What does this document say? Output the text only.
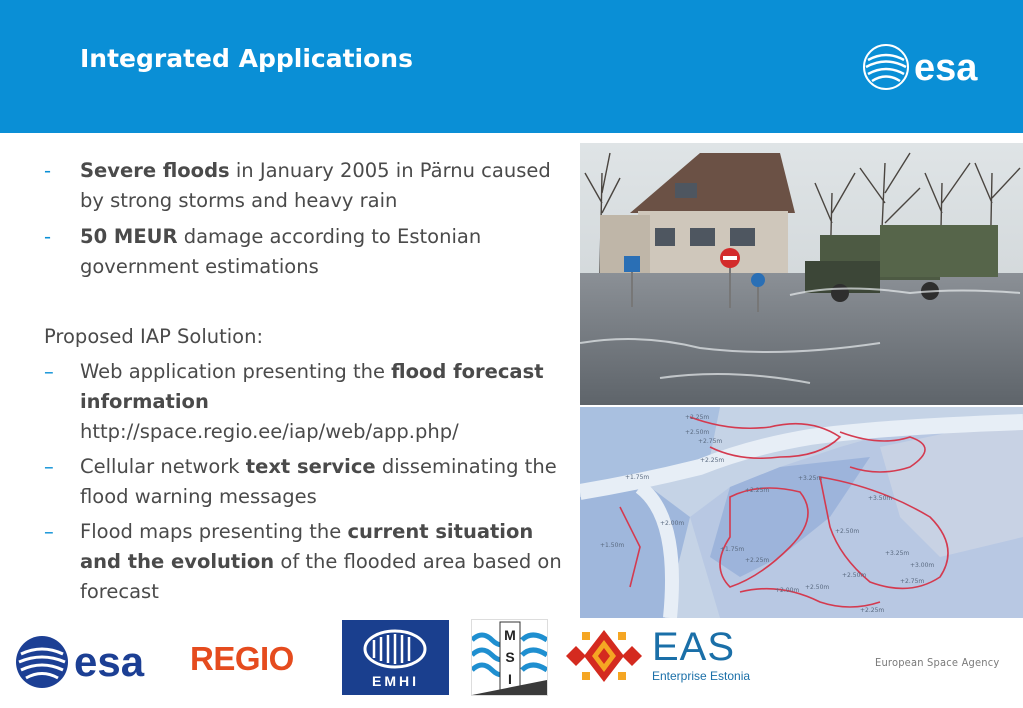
Integrated Applications	esa
- Severe floods in January 2005 in Pärnu caused by strong storms and heavy rain
- 50 MEUR damage according to Estonian government estimations
Proposed IAP Solution:
– Web application presenting the flood forecast information
http://space.regio.ee/iap/web/app.php/
– Cellular network text service disseminating the flood warning messages
– Flood maps presenting the current situation and the evolution of the flooded area based on forecast
+2.25m
+2.50m
+2.75m
+2.25m
+1.75m
+2.25m
+2.00m
+3.25m
+3.50m
+2.50m
+3.25m
+3.00m
+2.75m
+2.50m
+1.50m
+1.75m
+2.25m
+2.00m +2.50m
+2.25m
esa REGIO
EMHI
M
S
I
EAS
Enterprise Estonia
European Space Agency
